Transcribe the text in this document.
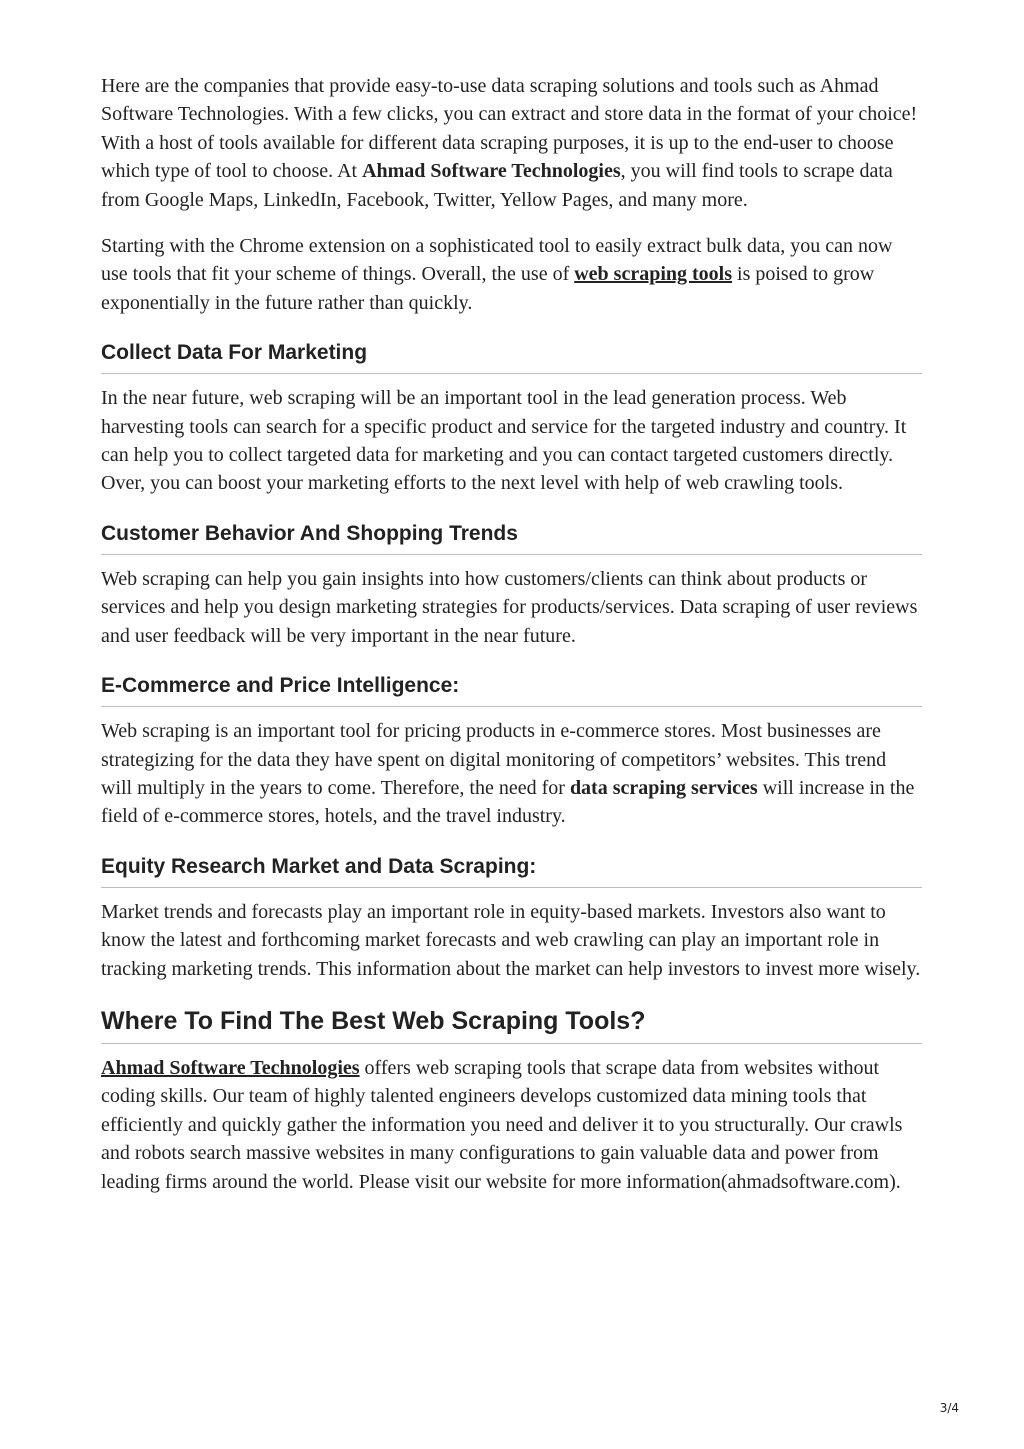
Here are the companies that provide easy-to-use data scraping solutions and tools such as Ahmad Software Technologies. With a few clicks, you can extract and store data in the format of your choice! With a host of tools available for different data scraping purposes, it is up to the end-user to choose which type of tool to choose. At Ahmad Software Technologies, you will find tools to scrape data from Google Maps, LinkedIn, Facebook, Twitter, Yellow Pages, and many more.

Starting with the Chrome extension on a sophisticated tool to easily extract bulk data, you can now use tools that fit your scheme of things. Overall, the use of web scraping tools is poised to grow exponentially in the future rather than quickly.

Collect Data For Marketing

In the near future, web scraping will be an important tool in the lead generation process. Web harvesting tools can search for a specific product and service for the targeted industry and country. It can help you to collect targeted data for marketing and you can contact targeted customers directly. Over, you can boost your marketing efforts to the next level with help of web crawling tools.

Customer Behavior And Shopping Trends

Web scraping can help you gain insights into how customers/clients can think about products or services and help you design marketing strategies for products/services. Data scraping of user reviews and user feedback will be very important in the near future.

E-Commerce and Price Intelligence:

Web scraping is an important tool for pricing products in e-commerce stores. Most businesses are strategizing for the data they have spent on digital monitoring of competitors’ websites. This trend will multiply in the years to come. Therefore, the need for data scraping services will increase in the field of e-commerce stores, hotels, and the travel industry.

Equity Research Market and Data Scraping:

Market trends and forecasts play an important role in equity-based markets. Investors also want to know the latest and forthcoming market forecasts and web crawling can play an important role in tracking marketing trends. This information about the market can help investors to invest more wisely.

Where To Find The Best Web Scraping Tools?

Ahmad Software Technologies offers web scraping tools that scrape data from websites without coding skills. Our team of highly talented engineers develops customized data mining tools that efficiently and quickly gather the information you need and deliver it to you structurally. Our crawls and robots search massive websites in many configurations to gain valuable data and power from leading firms around the world. Please visit our website for more information(ahmadsoftware.com).

3/4
